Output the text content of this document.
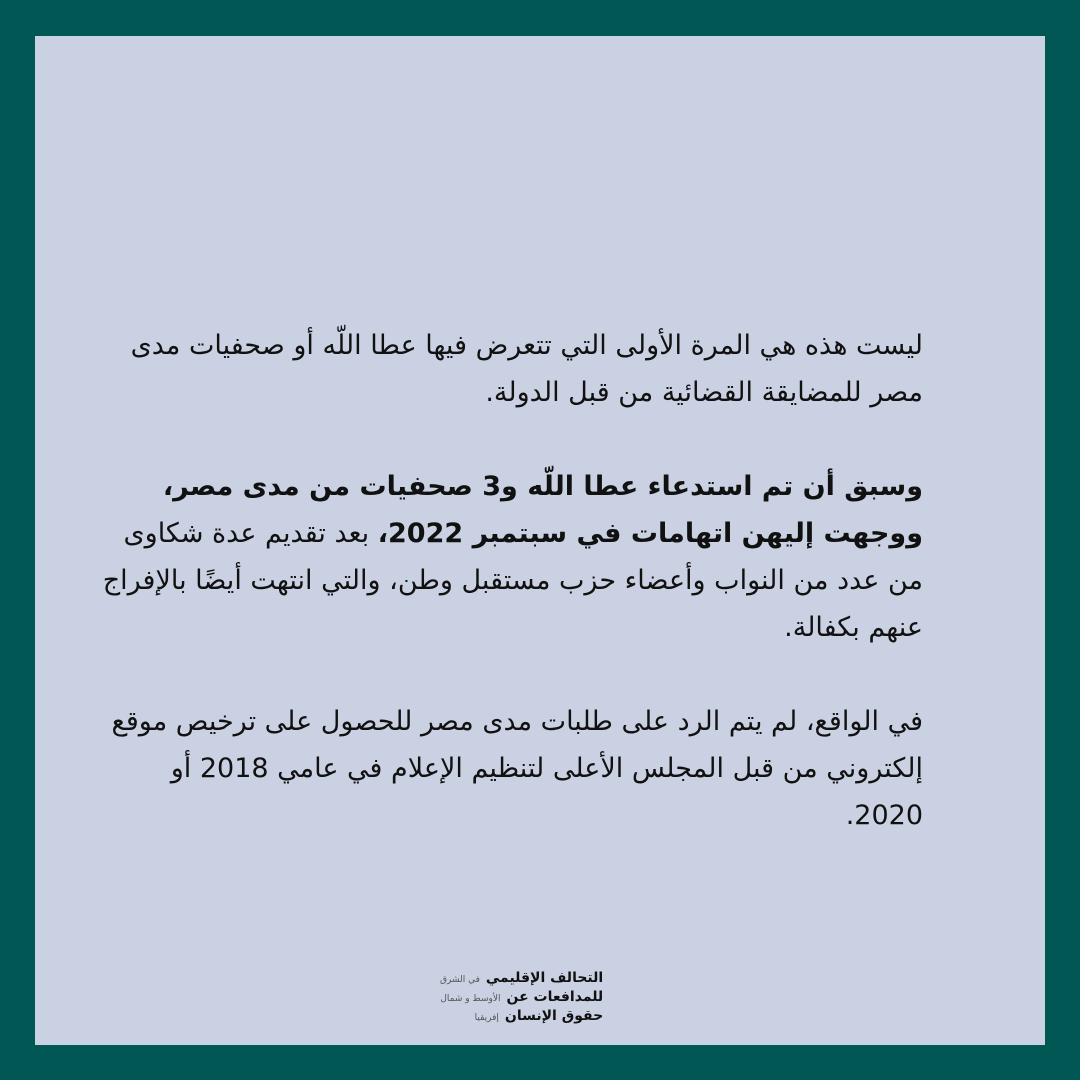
ليست هذه هي المرة الأولى التي تتعرض فيها عطا اللّه أو صحفيات مدى مصر للمضايقة القضائية من قبل الدولة.

وسبق أن تم استدعاء عطا اللّه و3 صحفيات من مدى مصر، ووجهت إليهن اتهامات في سبتمبر 2022، بعد تقديم عدة شكاوى من عدد من النواب وأعضاء حزب مستقبل وطن، والتي انتهت أيضًا بالإفراج عنهم بكفالة.

في الواقع، لم يتم الرد على طلبات مدى مصر للحصول على ترخيص موقع إلكتروني من قبل المجلس الأعلى لتنظيم الإعلام في عامي 2018 أو 2020.

التحالف الإقليمي
في الشرق
للمدافعات عن
الأوسط و شمال
حقوق الإنسان
إفريقيا
